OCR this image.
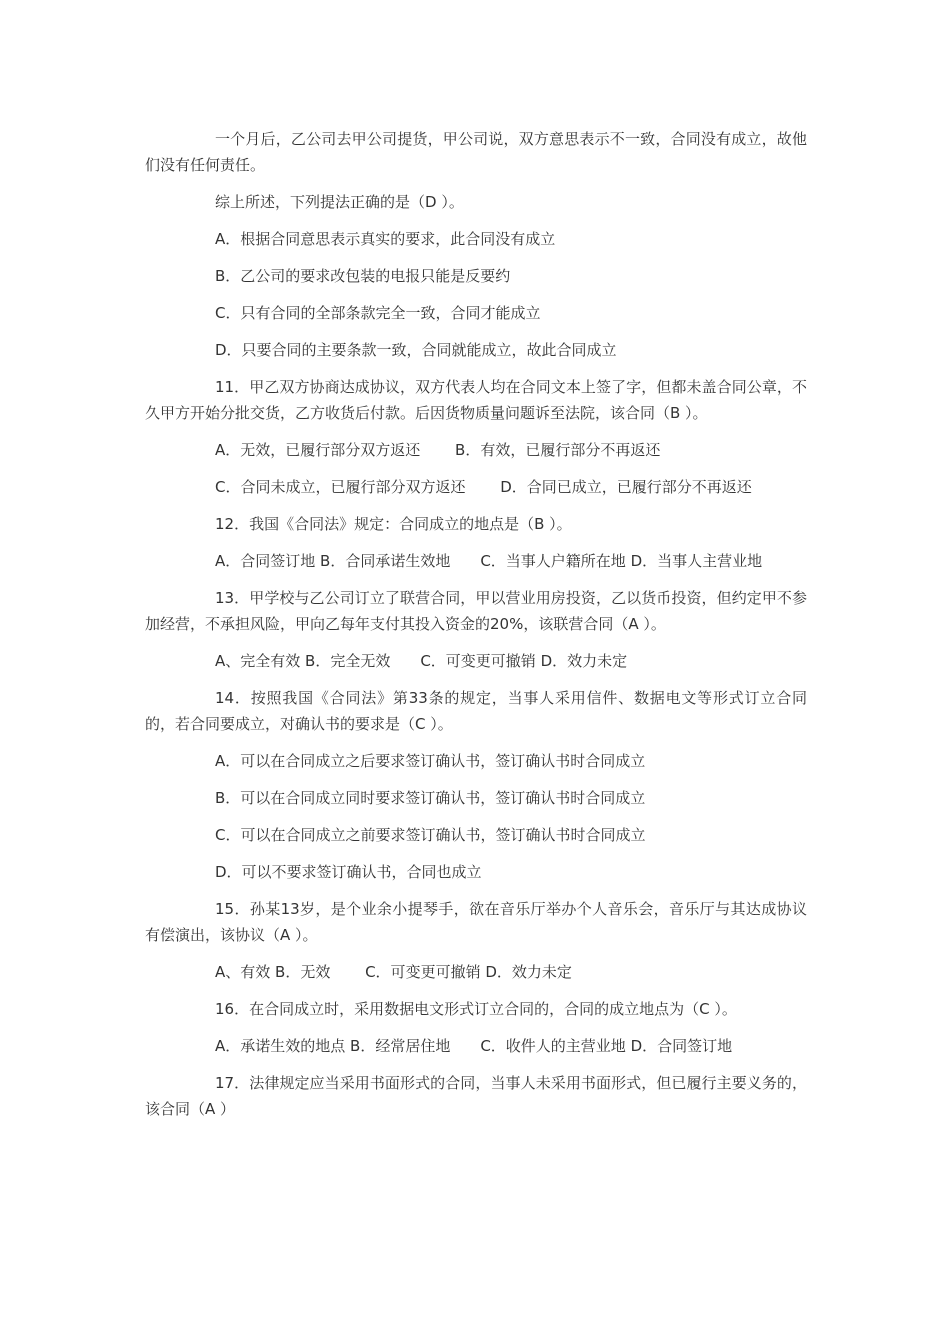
一个月后，乙公司去甲公司提货，甲公司说，双方意思表示不一致，合同没有成立，故他们没有任何责任。

综上所述，下列提法正确的是（D ）。

A．根据合同意思表示真实的要求，此合同没有成立

B．乙公司的要求改包装的电报只能是反要约

C．只有合同的全部条款完全一致，合同才能成立

D．只要合同的主要条款一致，合同就能成立，故此合同成立

11．甲乙双方协商达成协议，双方代表人均在合同文本上签了字，但都未盖合同公章，不久甲方开始分批交货，乙方收货后付款。后因货物质量问题诉至法院，该合同（B ）。

A．无效，已履行部分双方返还　　 B．有效，已履行部分不再返还

C．合同未成立，已履行部分双方返还　　 D．合同已成立，已履行部分不再返还

12．我国《合同法》规定：合同成立的地点是（B ）。

A．合同签订地 B．合同承诺生效地　　C．当事人户籍所在地 D．当事人主营业地

13．甲学校与乙公司订立了联营合同，甲以营业用房投资，乙以货币投资，但约定甲不参加经营，不承担风险，甲向乙每年支付其投入资金的20%，该联营合同（A ）。

A、完全有效 B．完全无效　　C．可变更可撤销 D．效力未定

14．按照我国《合同法》第33条的规定，当事人采用信件、数据电文等形式订立合同的，若合同要成立，对确认书的要求是（C ）。

A．可以在合同成立之后要求签订确认书，签订确认书时合同成立

B．可以在合同成立同时要求签订确认书，签订确认书时合同成立

C．可以在合同成立之前要求签订确认书，签订确认书时合同成立

D．可以不要求签订确认书，合同也成立

15．孙某13岁，是个业余小提琴手，欲在音乐厅举办个人音乐会，音乐厅与其达成协议有偿演出，该协议（A ）。

A、有效 B．无效　　 C．可变更可撤销 D．效力未定

16．在合同成立时，采用数据电文形式订立合同的，合同的成立地点为（C ）。

A．承诺生效的地点 B．经常居住地　　C．收件人的主营业地 D．合同签订地

17．法律规定应当采用书面形式的合同，当事人未采用书面形式，但已履行主要义务的，该合同（A ）
